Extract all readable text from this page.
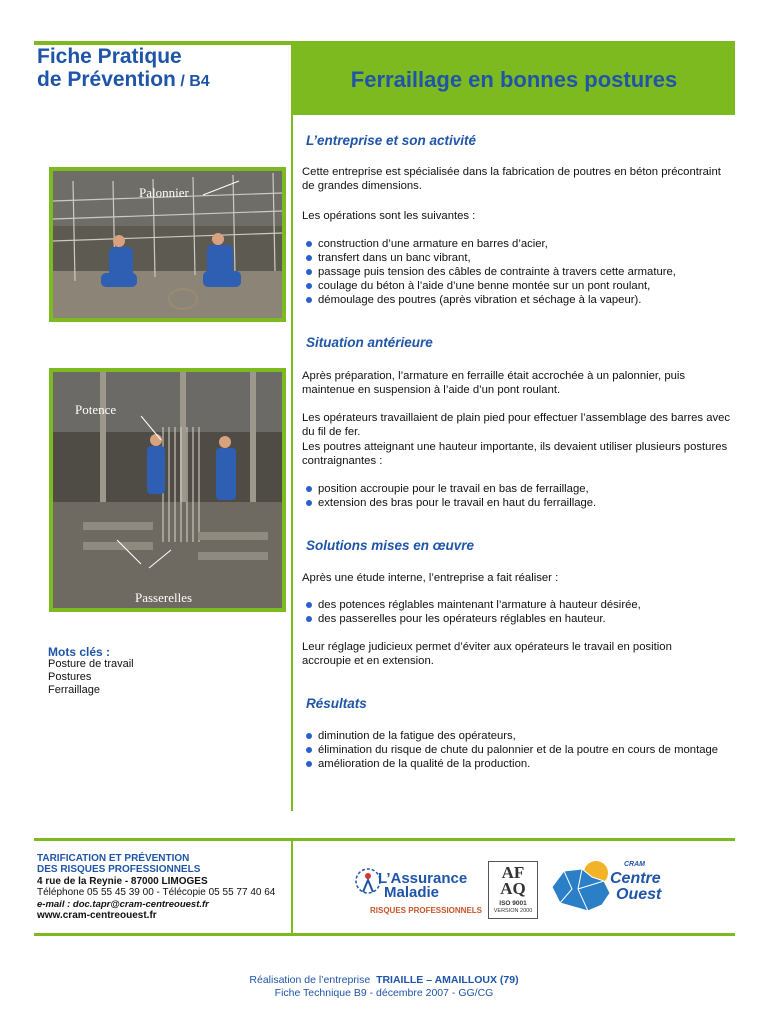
Fiche Pratique
de Prévention / B4	Ferraillage en bonnes postures
Palonnier
Potence
Passerelles
Mots clés :
Posture de travail
Postures
Ferraillage
L’entreprise et son activité
Cette entreprise est spécialisée dans la fabrication de poutres en béton précontraint de grandes dimensions.
Les opérations sont les suivantes :
construction d’une armature en barres d’acier,
transfert dans un banc vibrant,
passage puis tension des câbles de contrainte à travers cette armature,
coulage du béton à l’aide d’une benne montée sur un pont roulant,
démoulage des poutres (après vibration et séchage à la vapeur).
Situation antérieure
Après préparation, l’armature en ferraille était accrochée à un palonnier, puis maintenue en suspension à l’aide d’un pont roulant.
Les opérateurs travaillaient de plain pied pour effectuer l’assemblage des barres avec du fil de fer.
Les poutres atteignant une hauteur importante, ils devaient utiliser plusieurs postures contraignantes :
position accroupie pour le travail en bas de ferraillage,
extension des bras pour le travail en haut du ferraillage.
Solutions mises en œuvre
Après une étude interne, l’entreprise a fait réaliser :
des potences réglables maintenant l’armature à hauteur désirée,
des passerelles pour les opérateurs réglables en hauteur.
Leur réglage judicieux permet d’éviter aux opérateurs le travail en position accroupie et en extension.
Résultats
diminution de la fatigue des opérateurs,
élimination du risque de chute du palonnier et de la poutre en cours de montage
amélioration de la qualité de la production.
TARIFICATION ET PRÉVENTION
DES RISQUES PROFESSIONNELS
4 rue de la Reynie - 87000 LIMOGES
Téléphone 05 55 45 39 00 - Télécopie 05 55 77 40 64
e-mail : doc.tapr@cram-centreouest.fr
www.cram-centreouest.fr
L’Assurance
Maladie
RISQUES PROFESSIONNELS
AF
AQ
ISO 9001
VERSION 2000
CRAM
Centre
Ouest
Réalisation de l’entreprise TRIAILLE – AMAILLOUX (79)
Fiche Technique B9 - décembre 2007 - GG/CG
